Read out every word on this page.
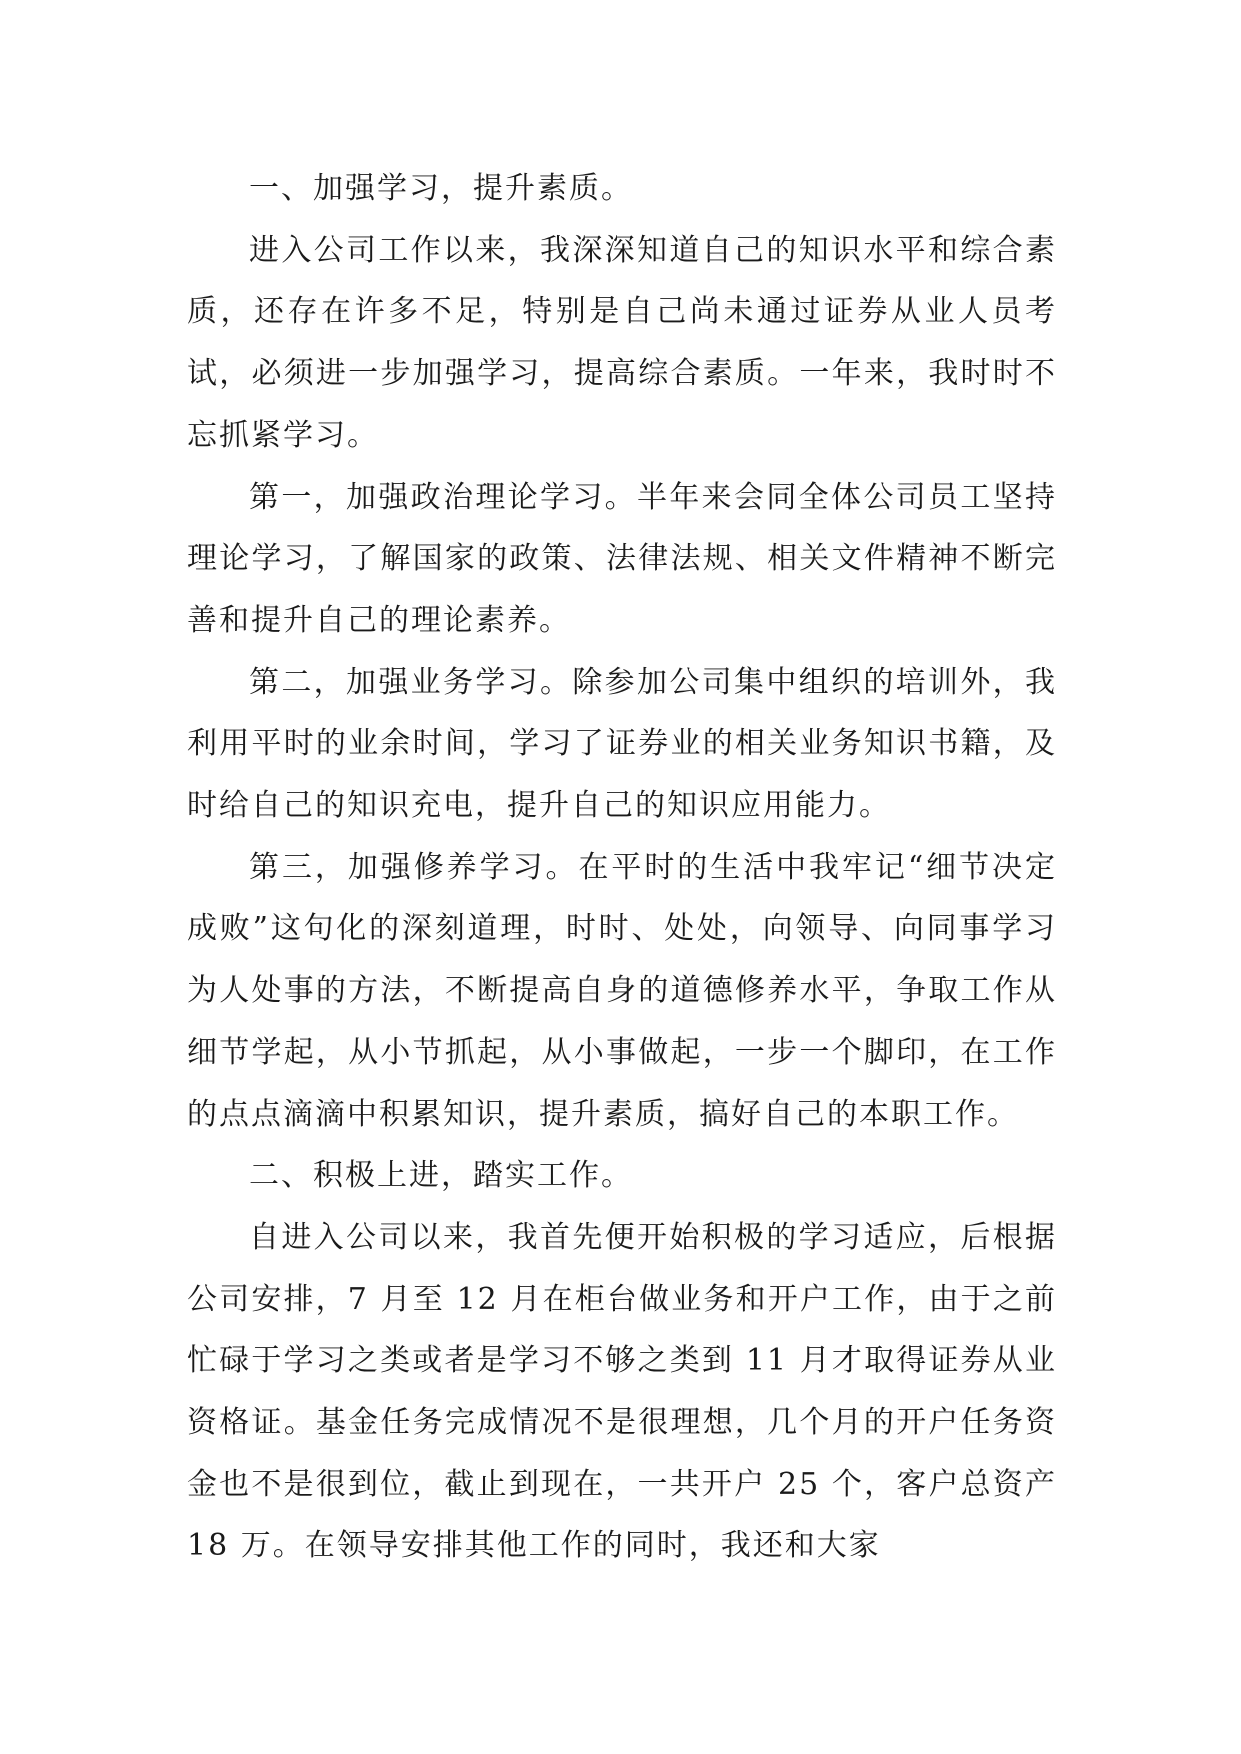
一、加强学习，提升素质。

进入公司工作以来，我深深知道自己的知识水平和综合素质，还存在许多不足，特别是自己尚未通过证券从业人员考试，必须进一步加强学习，提高综合素质。一年来，我时时不忘抓紧学习。

第一，加强政治理论学习。半年来会同全体公司员工坚持理论学习，了解国家的政策、法律法规、相关文件精神不断完善和提升自己的理论素养。

第二，加强业务学习。除参加公司集中组织的培训外，我利用平时的业余时间，学习了证券业的相关业务知识书籍，及时给自己的知识充电，提升自己的知识应用能力。

第三，加强修养学习。在平时的生活中我牢记“细节决定成败”这句化的深刻道理，时时、处处，向领导、向同事学习为人处事的方法，不断提高自身的道德修养水平，争取工作从细节学起，从小节抓起，从小事做起，一步一个脚印，在工作的点点滴滴中积累知识，提升素质，搞好自己的本职工作。

二、积极上进，踏实工作。

自进入公司以来，我首先便开始积极的学习适应，后根据公司安排，7 月至 12 月在柜台做业务和开户工作，由于之前忙碌于学习之类或者是学习不够之类到 11 月才取得证券从业资格证。基金任务完成情况不是很理想，几个月的开户任务资金也不是很到位，截止到现在，一共开户 25 个，客户总资产 18 万。在领导安排其他工作的同时，我还和大家
